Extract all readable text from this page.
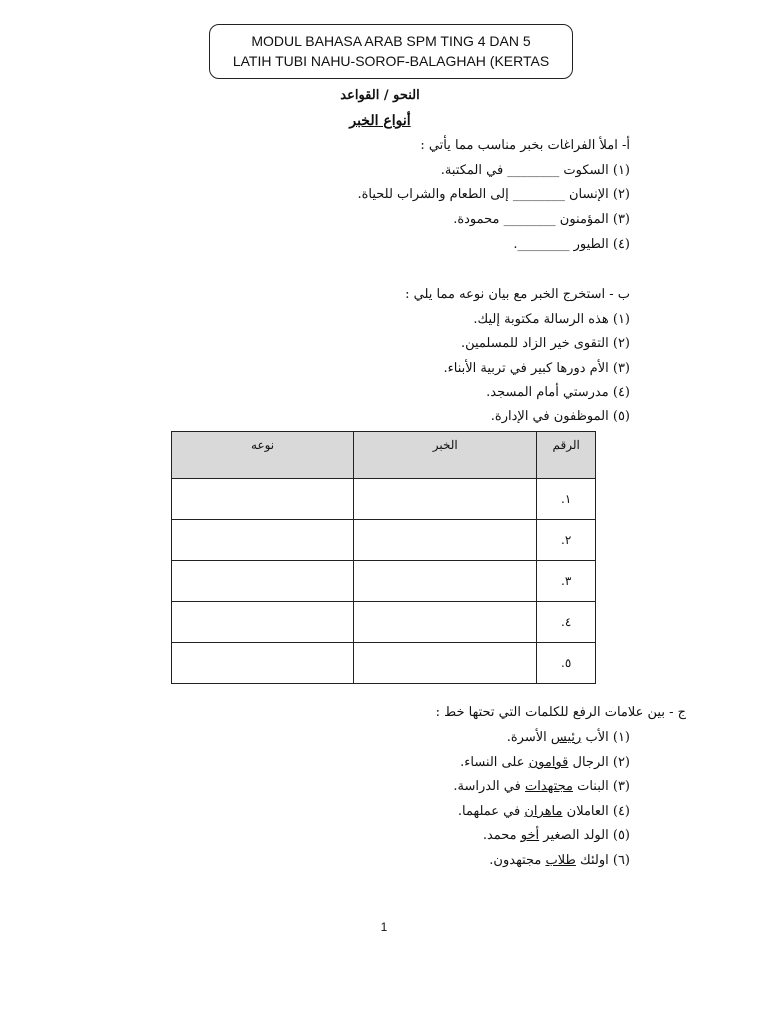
MODUL BAHASA ARAB SPM TING 4 DAN 5
LATIH TUBI NAHU-SOROF-BALAGHAH (KERTAS
النحو / القواعد
أنواع الخبر
أ- املأ الفراغات بخبر مناسب مما يأتي :
(١) السكوت ________ في المكتبة.
(٢) الإنسان ________ إلى الطعام والشراب للحياة.
(٣) المؤمنون ________ محمودة.
(٤) الطيور ________.
ب - استخرج الخبر مع بيان نوعه مما يلي :
(١) هذه الرسالة مكتوبة إليك.
(٢) التقوى خير الزاد للمسلمين.
(٣) الأم دورها كبير في تربية الأبناء.
(٤) مدرستي أمام المسجد.
(٥) الموظفون في الإدارة.
الرقم	الخبر	نوعه
١.		
٢.		
٣.		
٤.		
٥.		
ج - بين علامات الرفع للكلمات التي تحتها خط :
(١) الأب رئيس الأسرة.
(٢) الرجال قوامون على النساء.
(٣) البنات مجتهدات في الدراسة.
(٤) العاملان ماهران في عملهما.
(٥) الولد الصغير أخو محمد.
(٦) اولئك طلاب مجتهدون.
1
